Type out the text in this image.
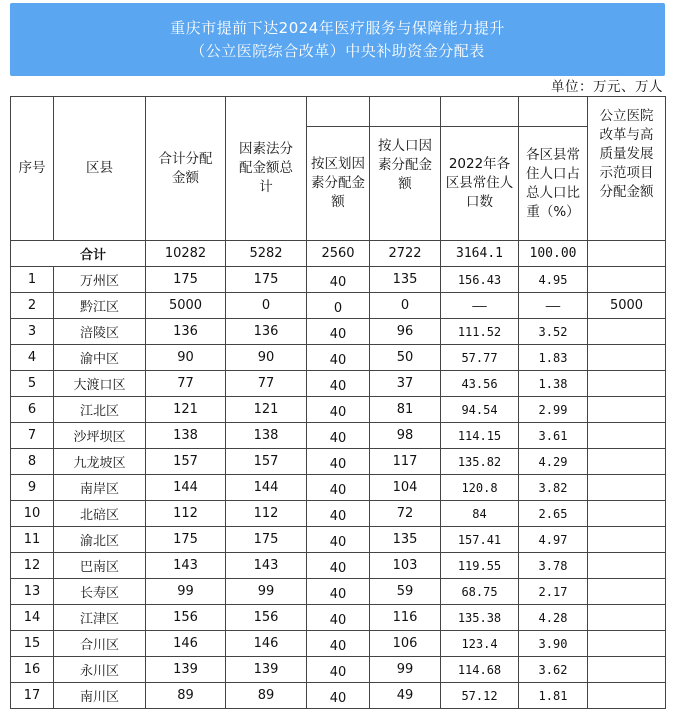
重庆市提前下达2024年医疗服务与保障能力提升
（公立医院综合改革）中央补助资金分配表
单位：万元、万人
序号	区县	合计分配金额	因素法分配金额总计					公立医院改革与高质量发展示范项目分配金额

				按区划因素分配金额	按人口因素分配金额	2022年各区县常住人口数	各区县常住人口占总人口比重（%）	

合计		10282	5282	2560	2722	3164.1	100.00	
1	万州区	175	175	40	135	156.43	4.95	
2	黔江区	5000	0	0	0	——	——	5000
3	涪陵区	136	136	40	96	111.52	3.52	
4	渝中区	90	90	40	50	57.77	1.83	
5	大渡口区	77	77	40	37	43.56	1.38	
6	江北区	121	121	40	81	94.54	2.99	
7	沙坪坝区	138	138	40	98	114.15	3.61	
8	九龙坡区	157	157	40	117	135.82	4.29	
9	南岸区	144	144	40	104	120.8	3.82	
10	北碚区	112	112	40	72	84	2.65	
11	渝北区	175	175	40	135	157.41	4.97	
12	巴南区	143	143	40	103	119.55	3.78	
13	长寿区	99	99	40	59	68.75	2.17	
14	江津区	156	156	40	116	135.38	4.28	
15	合川区	146	146	40	106	123.4	3.90	
16	永川区	139	139	40	99	114.68	3.62	
17	南川区	89	89	40	49	57.12	1.81	
